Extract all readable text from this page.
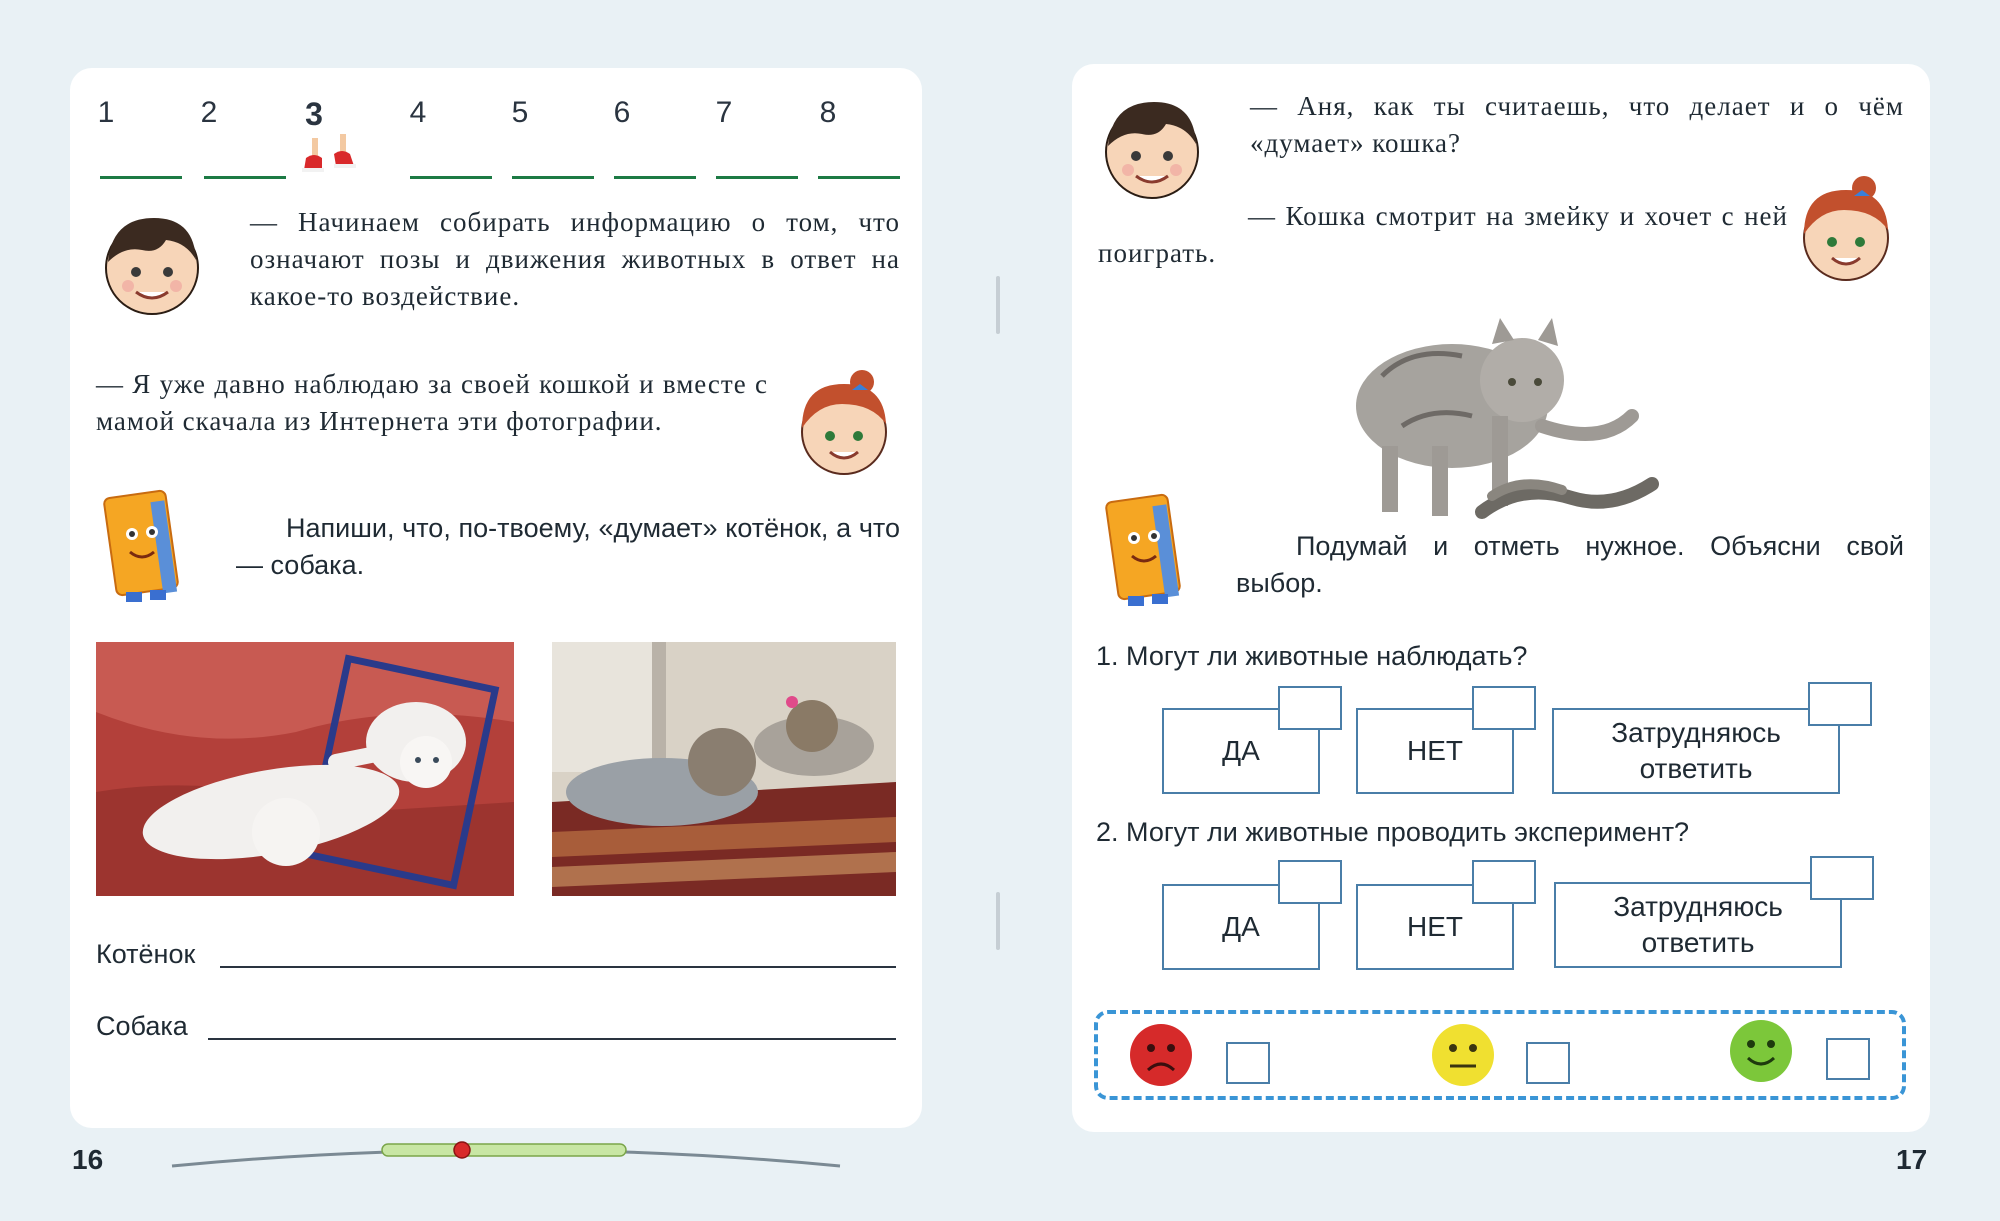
1	2	3	4	5	6	7	8
— Начинаем собирать информацию о том, что означают позы и движения животных в ответ на какое-то воздействие.
— Я уже давно наблюдаю за своей кошкой и вместе с мамой скачала из Интернета эти фотографии.
Напиши, что, по-твоему, «думает» котёнок, а что — собака.
Котёнок
Собака
16
— Аня, как ты считаешь, что делает и о чём «думает» кошка?
— Кошка смотрит на змейку и хочет с ней поиграть.
Подумай и отметь нужное. Объясни свой выбор.
1. Могут ли животные наблюдать?
ДА	НЕТ
Затрудняюсь ответить
2. Могут ли животные проводить эксперимент?
ДА	НЕТ
Затрудняюсь ответить
17
